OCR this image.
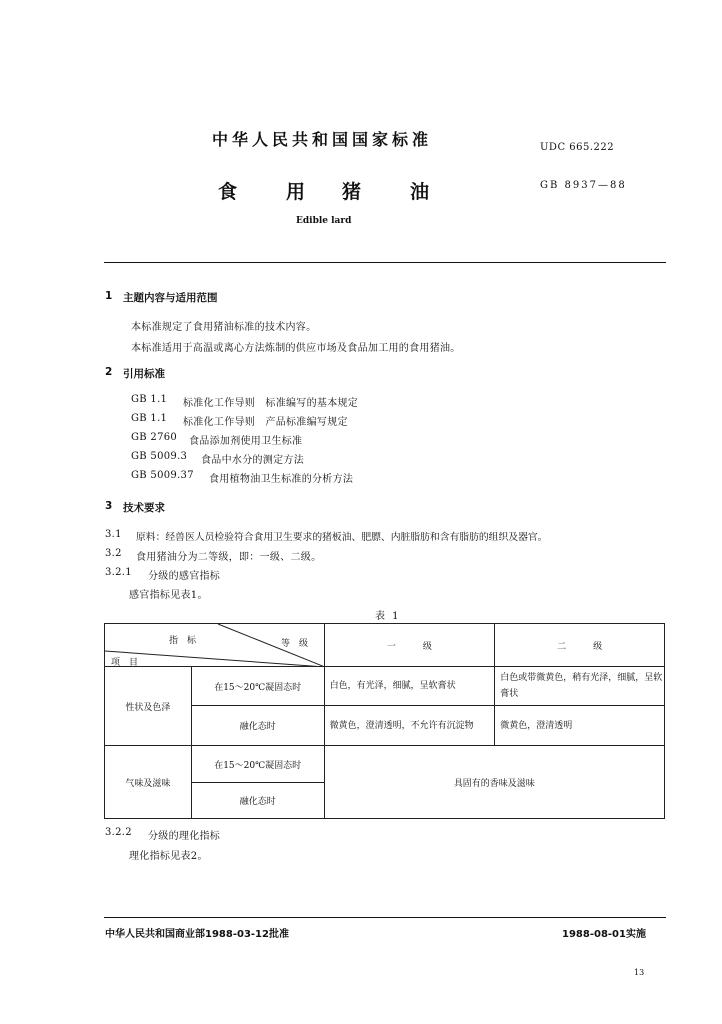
中华人民共和国国家标准	UDC 665.222
食	用 猪	油	GB 8937—88
Edible lard
1 主题内容与适用范围
本标准规定了食用猪油标准的技术内容。
本标准适用于高温或离心方法炼制的供应市场及食品加工用的食用猪油。
2 引用标准
GB 1.1 标准化工作导则　标准编写的基本规定
GB 1.1 标准化工作导则　产品标准编写规定
GB 2760 食品添加剂使用卫生标准
GB 5009.3 食品中水分的测定方法
GB 5009.37 食用植物油卫生标准的分析方法
3 技术要求
3.1 原料：经兽医人员检验符合食用卫生要求的猪板油、肥膘、内脏脂肪和含有脂肪的组织及器官。
3.2 食用猪油分为二等级，即：一级、二级。
3.2.1 分级的感官指标
感官指标见表1。
表 1
指　标 等　级
项　目		一　　　级	二　　　级
性状及色泽	在15～20℃凝固态时	白色，有光泽，细腻，呈软膏状	白色或带微黄色，稍有光泽，细腻，呈软膏状
	融化态时	微黄色，澄清透明，不允许有沉淀物	微黄色，澄清透明
气味及滋味	在15～20℃凝固态时	具固有的香味及滋味	
	融化态时		
3.2.2 分级的理化指标
理化指标见表2。
中华人民共和国商业部1988-03-12批准	1988-08-01实施
13
